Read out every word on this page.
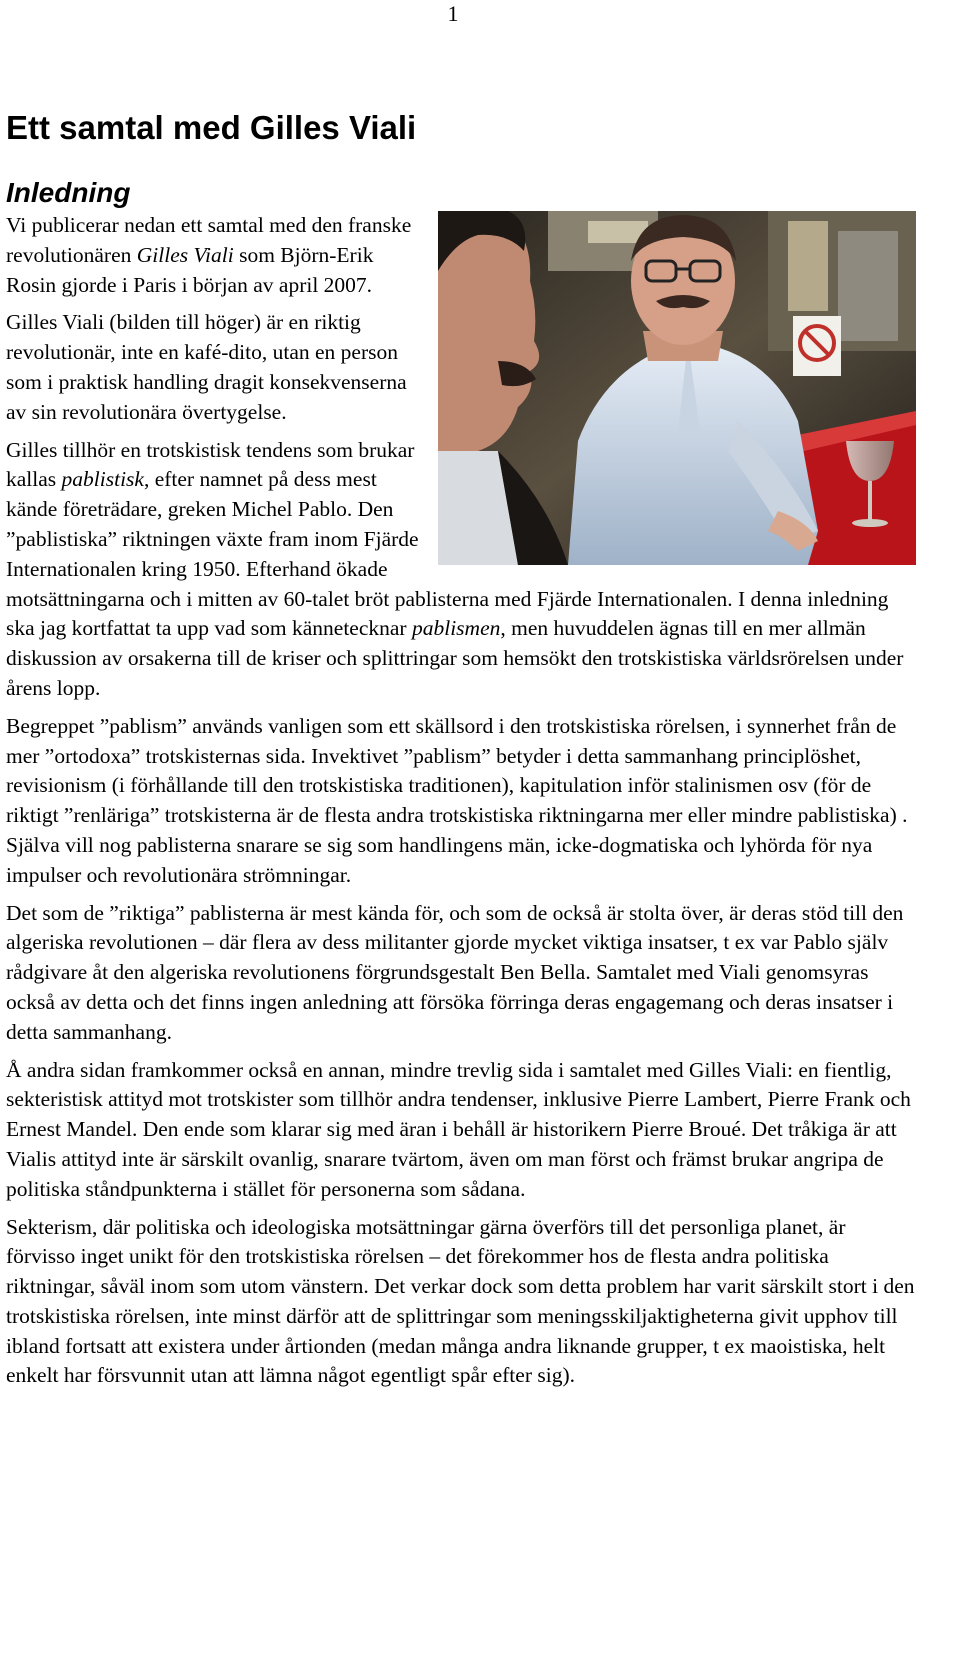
1
Ett samtal med Gilles Viali
Inledning

Vi publicerar nedan ett samtal med den franske revolutionären Gilles Viali som Björn-Erik Rosin gjorde i Paris i början av april 2007.

Gilles Viali (bilden till höger) är en riktig revolutionär, inte en kafé-dito, utan en person som i praktisk handling dragit konsekvenserna av sin revolutionära övertygelse.

Gilles tillhör en trotskistisk tendens som brukar kallas pablistisk, efter namnet på dess mest kände företrädare, greken Michel Pablo. Den ”pablistiska” riktningen växte fram inom Fjärde Internationalen kring 1950. Efterhand ökade motsättningarna och i mitten av 60-talet bröt pablisterna med Fjärde Internationalen. I denna inledning ska jag kortfattat ta upp vad som kännetecknar pablismen, men huvuddelen ägnas till en mer allmän diskussion av orsakerna till de kriser och splittringar som hemsökt den trotskistiska världsrörelsen under årens lopp.

Begreppet ”pablism” används vanligen som ett skällsord i den trotskistiska rörelsen, i synnerhet från de mer ”ortodoxa” trotskisternas sida. Invektivet ”pablism” betyder i detta sammanhang principlöshet, revisionism (i förhållande till den trotskistiska traditionen), kapitulation inför stalinismen osv (för de riktigt ”renläriga” trotskisterna är de flesta andra trotskistiska riktningarna mer eller mindre pablistiska) . Själva vill nog pablisterna snarare se sig som handlingens män, icke-dogmatiska och lyhörda för nya impulser och revolutionära strömningar.

Det som de ”riktiga” pablisterna är mest kända för, och som de också är stolta över, är deras stöd till den algeriska revolutionen – där flera av dess militanter gjorde mycket viktiga insatser, t ex var Pablo själv rådgivare åt den algeriska revolutionens förgrundsgestalt Ben Bella. Samtalet med Viali genomsyras också av detta och det finns ingen anledning att försöka förringa deras engagemang och deras insatser i detta sammanhang.

Å andra sidan framkommer också en annan, mindre trevlig sida i samtalet med Gilles Viali: en fientlig, sekteristisk attityd mot trotskister som tillhör andra tendenser, inklusive Pierre Lambert, Pierre Frank och Ernest Mandel. Den ende som klarar sig med äran i behåll är historikern Pierre Broué. Det tråkiga är att Vialis attityd inte är särskilt ovanlig, snarare tvärtom, även om man först och främst brukar angripa de politiska ståndpunkterna i stället för personerna som sådana.

Sekterism, där politiska och ideologiska motsättningar gärna överförs till det personliga planet, är förvisso inget unikt för den trotskistiska rörelsen – det förekommer hos de flesta andra politiska riktningar, såväl inom som utom vänstern. Det verkar dock som detta problem har varit särskilt stort i den trotskistiska rörelsen, inte minst därför att de splittringar som meningsskiljaktigheterna givit upphov till ibland fortsatt att existera under årtionden (medan många andra liknande grupper, t ex maoistiska, helt enkelt har försvunnit utan att lämna något egentligt spår efter sig).
